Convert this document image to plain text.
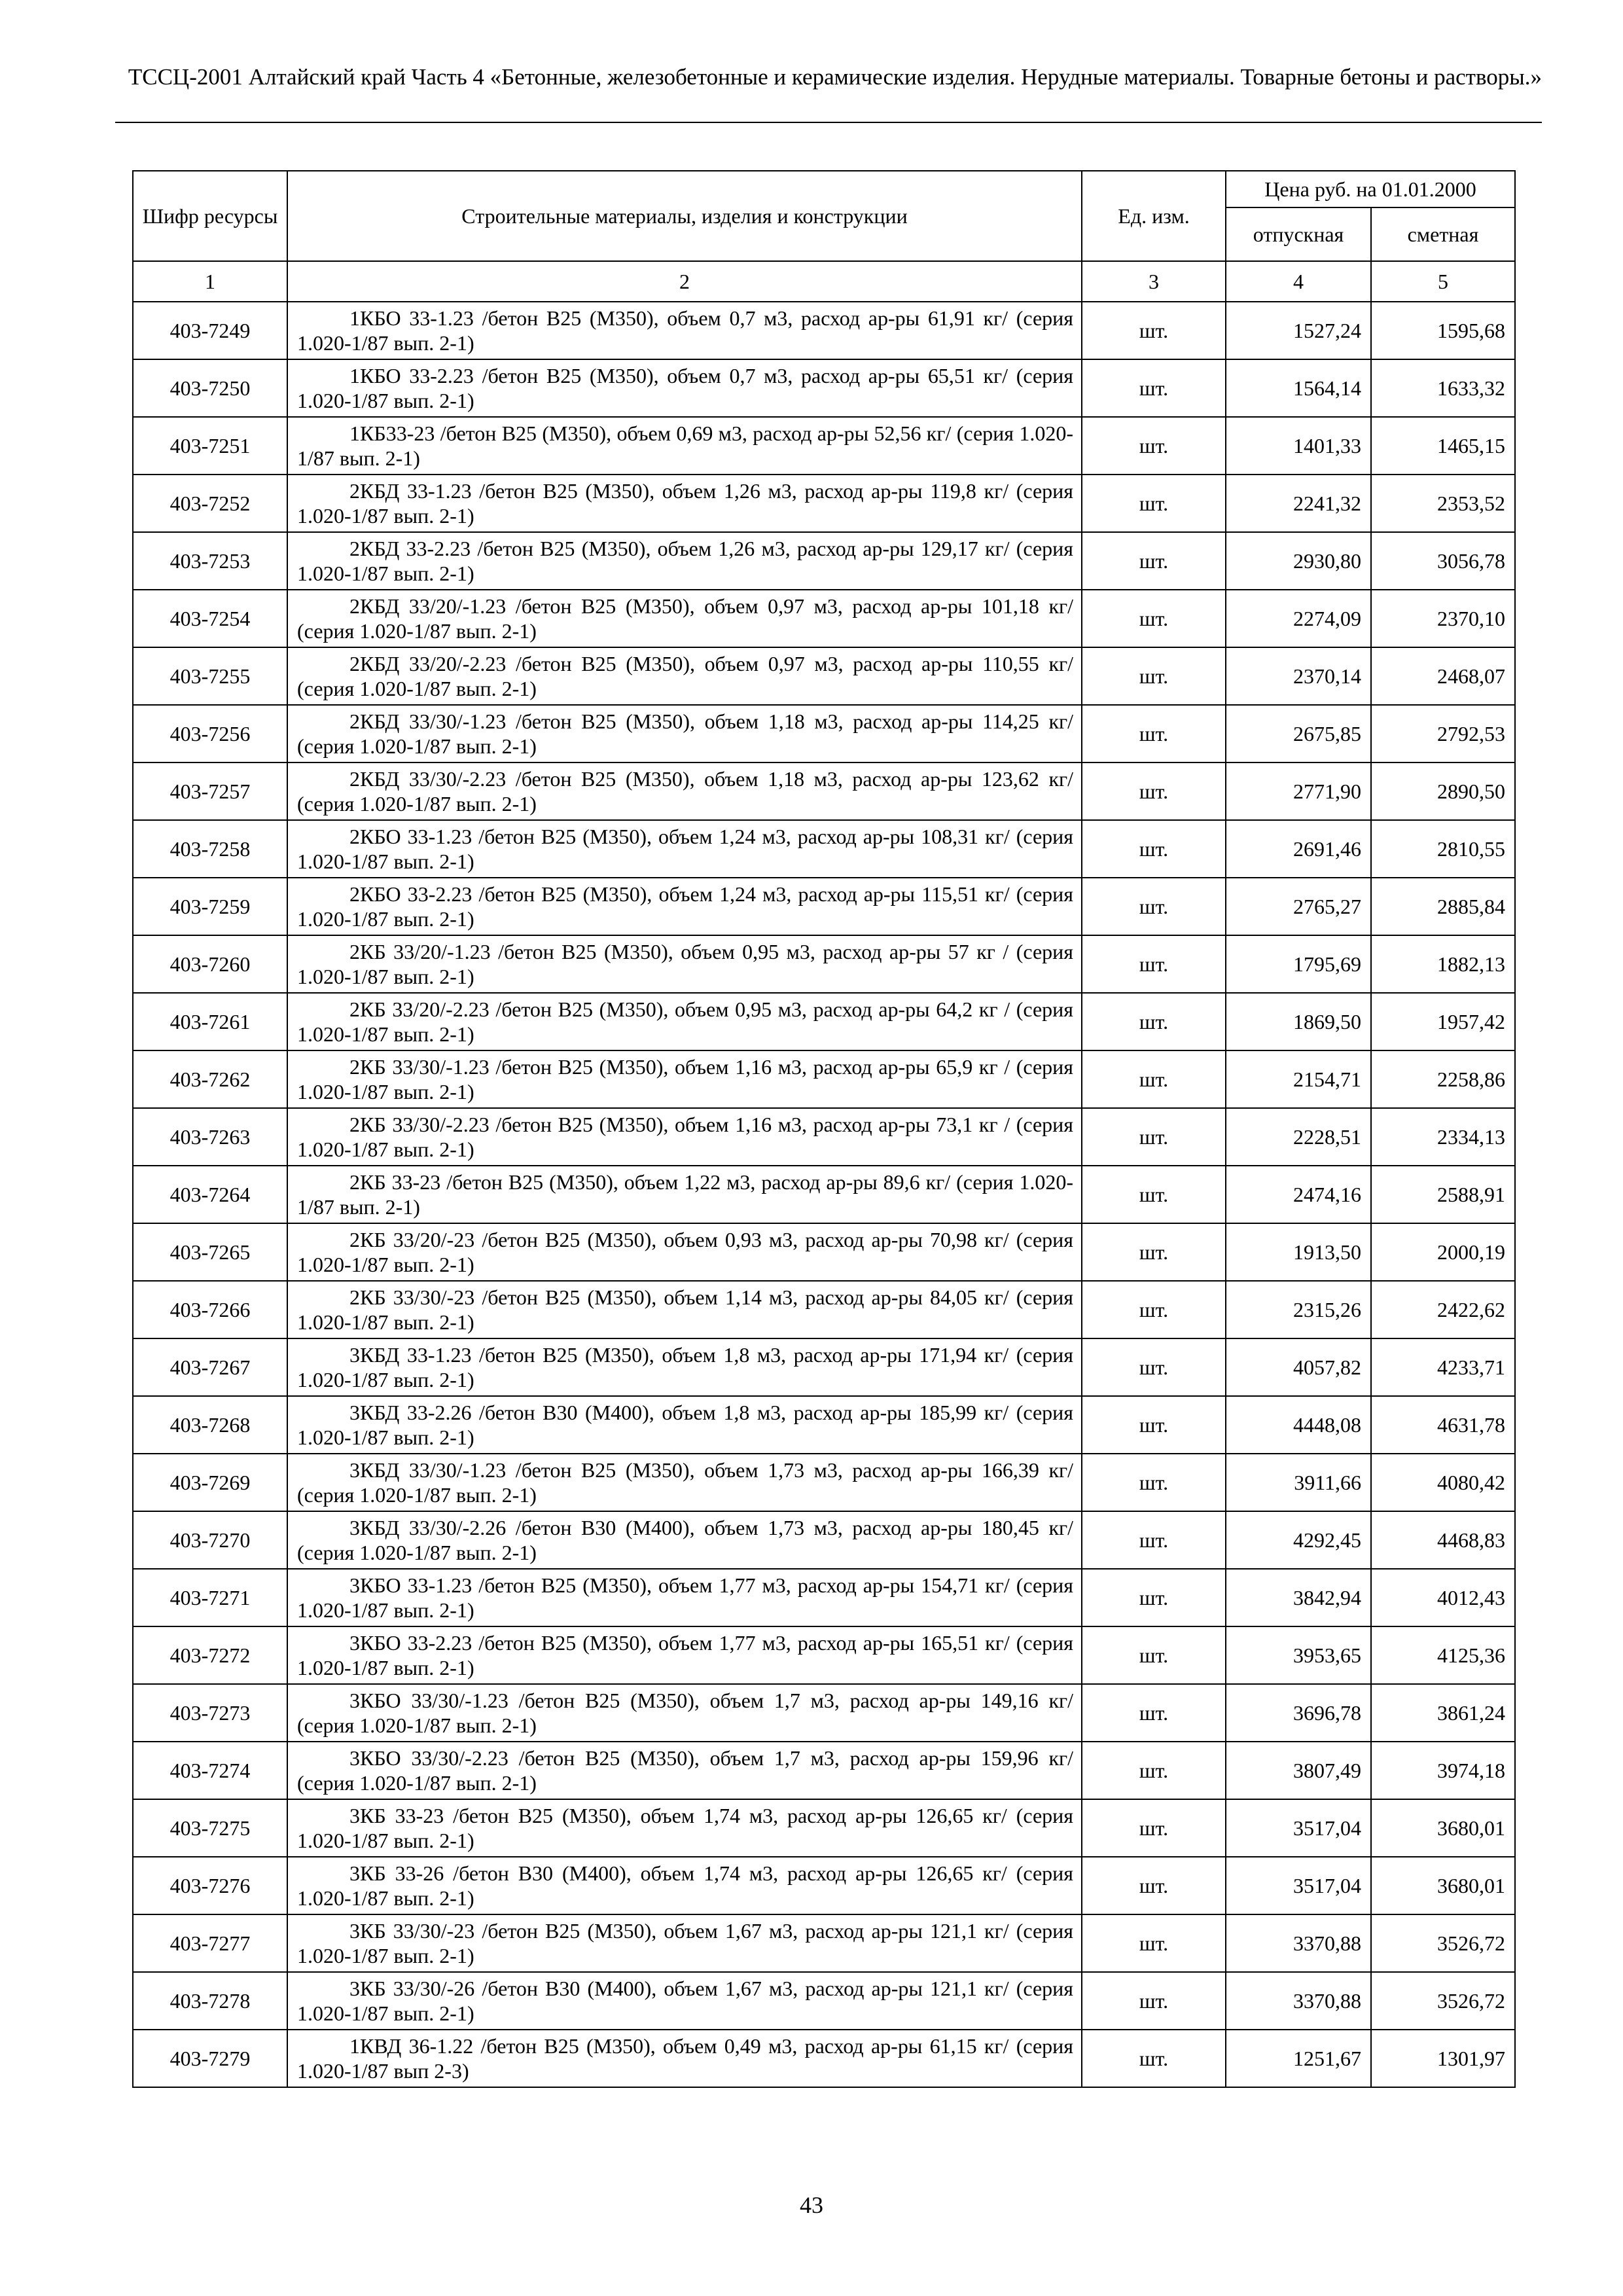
ТССЦ-2001 Алтайский край Часть 4 «Бетонные, железобетонные и керамические изделия. Нерудные материалы. Товарные бетоны и растворы.»
Шифр ресурсы	Строительные материалы, изделия и конструкции	Ед. изм.	Цена руб. на 01.01.2000	
			отпускная	сметная
1	2	3	4	5
403-7249	1КБО 33-1.23 /бетон В25 (М350), объем 0,7 м3, расход ар-ры 61,91 кг/ (серия 1.020-1/87 вып. 2-1)	шт.	1527,24	1595,68
403-7250	1КБО 33-2.23 /бетон В25 (М350), объем 0,7 м3, расход ар-ры 65,51 кг/ (серия 1.020-1/87 вып. 2-1)	шт.	1564,14	1633,32
403-7251	1КБ33-23 /бетон В25 (М350), объем 0,69 м3, расход ар-ры 52,56 кг/ (серия 1.020-1/87 вып. 2-1)	шт.	1401,33	1465,15
403-7252	2КБД 33-1.23 /бетон В25 (М350), объем 1,26 м3, расход ар-ры 119,8 кг/ (серия 1.020-1/87 вып. 2-1)	шт.	2241,32	2353,52
403-7253	2КБД 33-2.23 /бетон В25 (М350), объем 1,26 м3, расход ар-ры 129,17 кг/ (серия 1.020-1/87 вып. 2-1)	шт.	2930,80	3056,78
403-7254	2КБД 33/20/-1.23 /бетон В25 (М350), объем 0,97 м3, расход ар-ры 101,18 кг/ (серия 1.020-1/87 вып. 2-1)	шт.	2274,09	2370,10
403-7255	2КБД 33/20/-2.23 /бетон В25 (М350), объем 0,97 м3, расход ар-ры 110,55 кг/ (серия 1.020-1/87 вып. 2-1)	шт.	2370,14	2468,07
403-7256	2КБД 33/30/-1.23 /бетон В25 (М350), объем 1,18 м3, расход ар-ры 114,25 кг/ (серия 1.020-1/87 вып. 2-1)	шт.	2675,85	2792,53
403-7257	2КБД 33/30/-2.23 /бетон В25 (М350), объем 1,18 м3, расход ар-ры 123,62 кг/ (серия 1.020-1/87 вып. 2-1)	шт.	2771,90	2890,50
403-7258	2КБО 33-1.23 /бетон В25 (М350), объем 1,24 м3, расход ар-ры 108,31 кг/ (серия 1.020-1/87 вып. 2-1)	шт.	2691,46	2810,55
403-7259	2КБО 33-2.23 /бетон В25 (М350), объем 1,24 м3, расход ар-ры 115,51 кг/ (серия 1.020-1/87 вып. 2-1)	шт.	2765,27	2885,84
403-7260	2КБ 33/20/-1.23 /бетон В25 (М350), объем 0,95 м3, расход ар-ры 57 кг / (серия 1.020-1/87 вып. 2-1)	шт.	1795,69	1882,13
403-7261	2КБ 33/20/-2.23 /бетон В25 (М350), объем 0,95 м3, расход ар-ры 64,2 кг / (серия 1.020-1/87 вып. 2-1)	шт.	1869,50	1957,42
403-7262	2КБ 33/30/-1.23 /бетон В25 (М350), объем 1,16 м3, расход ар-ры 65,9 кг / (серия 1.020-1/87 вып. 2-1)	шт.	2154,71	2258,86
403-7263	2КБ 33/30/-2.23 /бетон В25 (М350), объем 1,16 м3, расход ар-ры 73,1 кг / (серия 1.020-1/87 вып. 2-1)	шт.	2228,51	2334,13
403-7264	2КБ 33-23 /бетон В25 (М350), объем 1,22 м3, расход ар-ры 89,6 кг/ (серия 1.020-1/87 вып. 2-1)	шт.	2474,16	2588,91
403-7265	2КБ 33/20/-23 /бетон В25 (М350), объем 0,93 м3, расход ар-ры 70,98 кг/ (серия 1.020-1/87 вып. 2-1)	шт.	1913,50	2000,19
403-7266	2КБ 33/30/-23 /бетон В25 (М350), объем 1,14 м3, расход ар-ры 84,05 кг/ (серия 1.020-1/87 вып. 2-1)	шт.	2315,26	2422,62
403-7267	3КБД 33-1.23 /бетон В25 (М350), объем 1,8 м3, расход ар-ры 171,94 кг/ (серия 1.020-1/87 вып. 2-1)	шт.	4057,82	4233,71
403-7268	3КБД 33-2.26 /бетон В30 (М400), объем 1,8 м3, расход ар-ры 185,99 кг/ (серия 1.020-1/87 вып. 2-1)	шт.	4448,08	4631,78
403-7269	3КБД 33/30/-1.23 /бетон В25 (М350), объем 1,73 м3, расход ар-ры 166,39 кг/ (серия 1.020-1/87 вып. 2-1)	шт.	3911,66	4080,42
403-7270	3КБД 33/30/-2.26 /бетон В30 (М400), объем 1,73 м3, расход ар-ры 180,45 кг/ (серия 1.020-1/87 вып. 2-1)	шт.	4292,45	4468,83
403-7271	3КБО 33-1.23 /бетон В25 (М350), объем 1,77 м3, расход ар-ры 154,71 кг/ (серия 1.020-1/87 вып. 2-1)	шт.	3842,94	4012,43
403-7272	3КБО 33-2.23 /бетон В25 (М350), объем 1,77 м3, расход ар-ры 165,51 кг/ (серия 1.020-1/87 вып. 2-1)	шт.	3953,65	4125,36
403-7273	3КБО 33/30/-1.23 /бетон В25 (М350), объем 1,7 м3, расход ар-ры 149,16 кг/ (серия 1.020-1/87 вып. 2-1)	шт.	3696,78	3861,24
403-7274	3КБО 33/30/-2.23 /бетон В25 (М350), объем 1,7 м3, расход ар-ры 159,96 кг/ (серия 1.020-1/87 вып. 2-1)	шт.	3807,49	3974,18
403-7275	3КБ 33-23 /бетон В25 (М350), объем 1,74 м3, расход ар-ры 126,65 кг/ (серия 1.020-1/87 вып. 2-1)	шт.	3517,04	3680,01
403-7276	3КБ 33-26 /бетон В30 (М400), объем 1,74 м3, расход ар-ры 126,65 кг/ (серия 1.020-1/87 вып. 2-1)	шт.	3517,04	3680,01
403-7277	3КБ 33/30/-23 /бетон В25 (М350), объем 1,67 м3, расход ар-ры 121,1 кг/ (серия 1.020-1/87 вып. 2-1)	шт.	3370,88	3526,72
403-7278	3КБ 33/30/-26 /бетон В30 (М400), объем 1,67 м3, расход ар-ры 121,1 кг/ (серия 1.020-1/87 вып. 2-1)	шт.	3370,88	3526,72
403-7279	1КВД 36-1.22 /бетон В25 (М350), объем 0,49 м3, расход ар-ры 61,15 кг/ (серия 1.020-1/87 вып 2-3)	шт.	1251,67	1301,97
43
